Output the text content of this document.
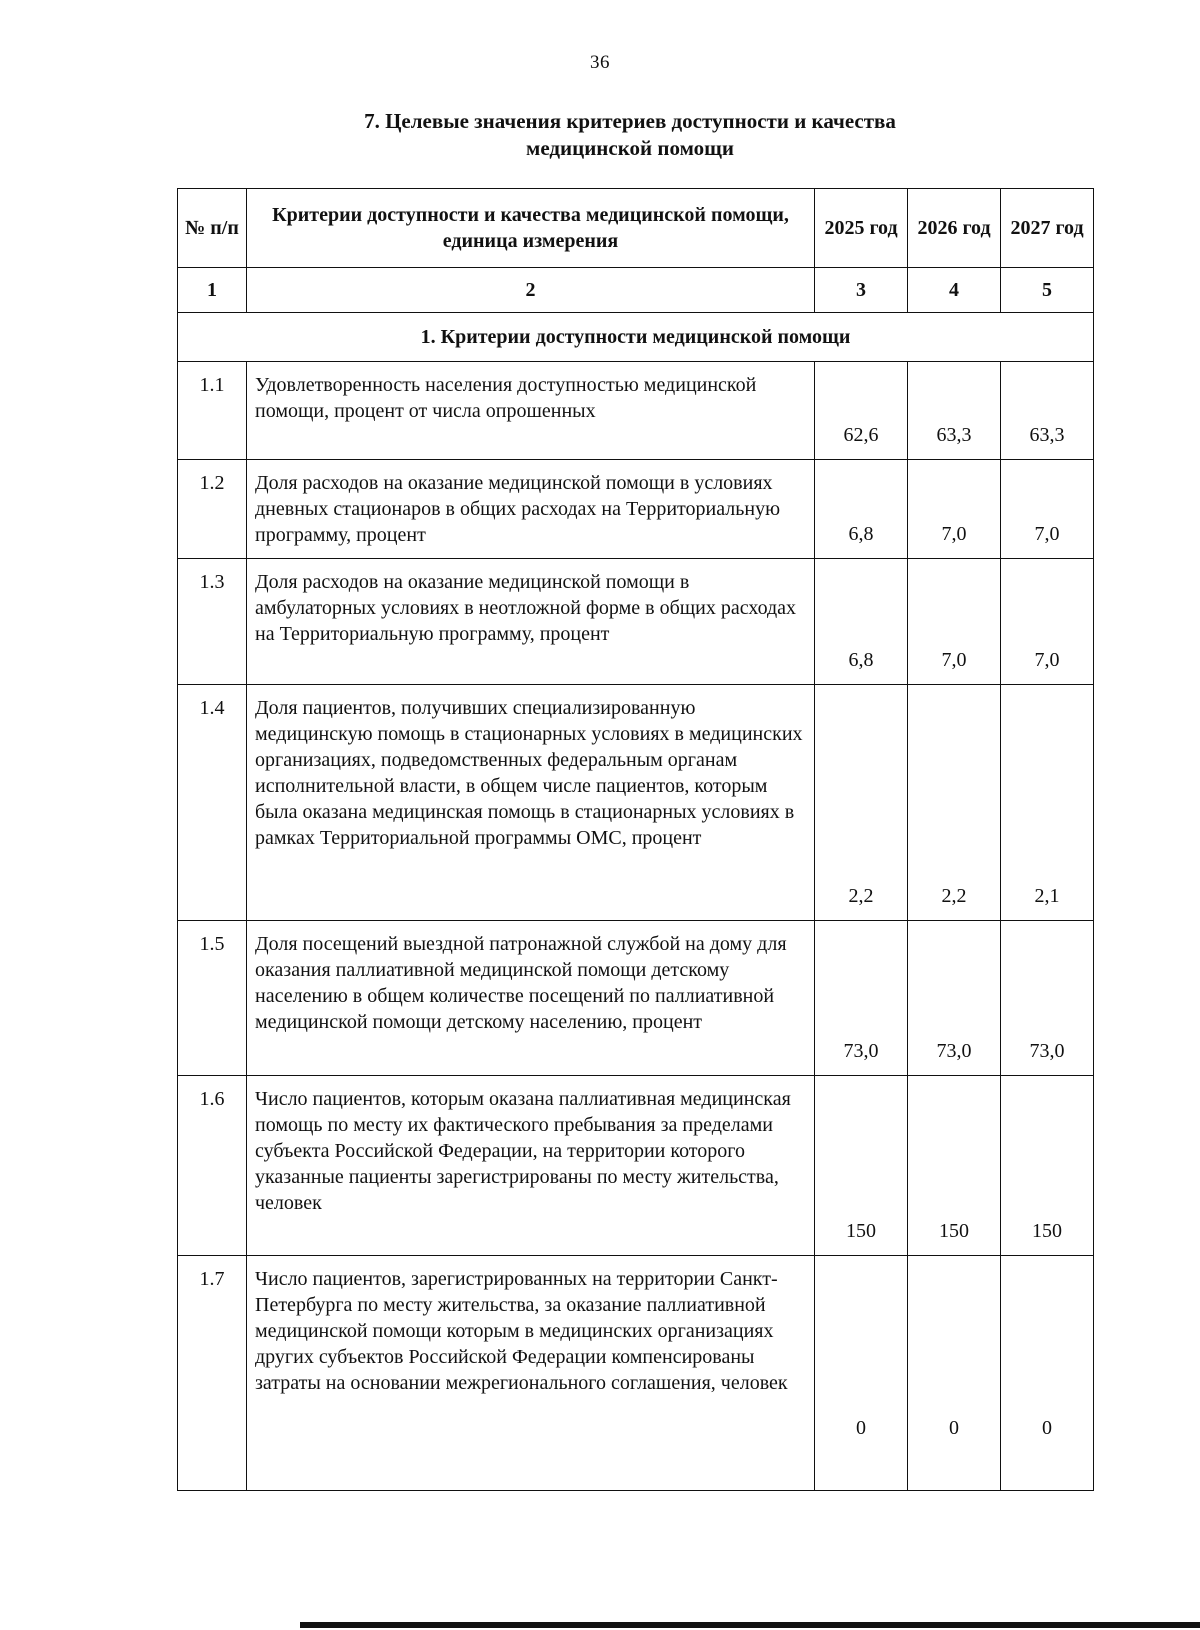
36
7. Целевые значения критериев доступности и качества
медицинской помощи
№ п/п	Критерии доступности и качества медицинской помощи, единица измерения	2025 год	2026 год	2027 год
1	2	3	4	5
1. Критерии доступности медицинской помощи				
1.1	Удовлетворенность населения доступностью медицинской помощи, процент от числа опрошенных	62,6	63,3	63,3
1.2	Доля расходов на оказание медицинской помощи в условиях дневных стационаров в общих расходах на Территориальную программу, процент	6,8	7,0	7,0
1.3	Доля расходов на оказание медицинской помощи в амбулаторных условиях в неотложной форме в общих расходах на Территориальную программу, процент	6,8	7,0	7,0
1.4	Доля пациентов, получивших специализированную медицинскую помощь в стационарных условиях в медицинских организациях, подведомственных федеральным органам исполнительной власти, в общем числе пациентов, которым была оказана медицинская помощь в стационарных условиях в рамках Территориальной программы ОМС, процент	2,2	2,2	2,1
1.5	Доля посещений выездной патронажной службой на дому для оказания паллиативной медицинской помощи детскому населению в общем количестве посещений по паллиативной медицинской помощи детскому населению, процент	73,0	73,0	73,0
1.6	Число пациентов, которым оказана паллиативная медицинская помощь по месту их фактического пребывания за пределами субъекта Российской Федерации, на территории которого указанные пациенты зарегистрированы по месту жительства, человек	150	150	150
1.7	Число пациентов, зарегистрированных на территории Санкт-Петербурга по месту жительства, за оказание паллиативной медицинской помощи которым в медицинских организациях других субъектов Российской Федерации компенсированы затраты на основании межрегионального соглашения, человек	0	0	0
